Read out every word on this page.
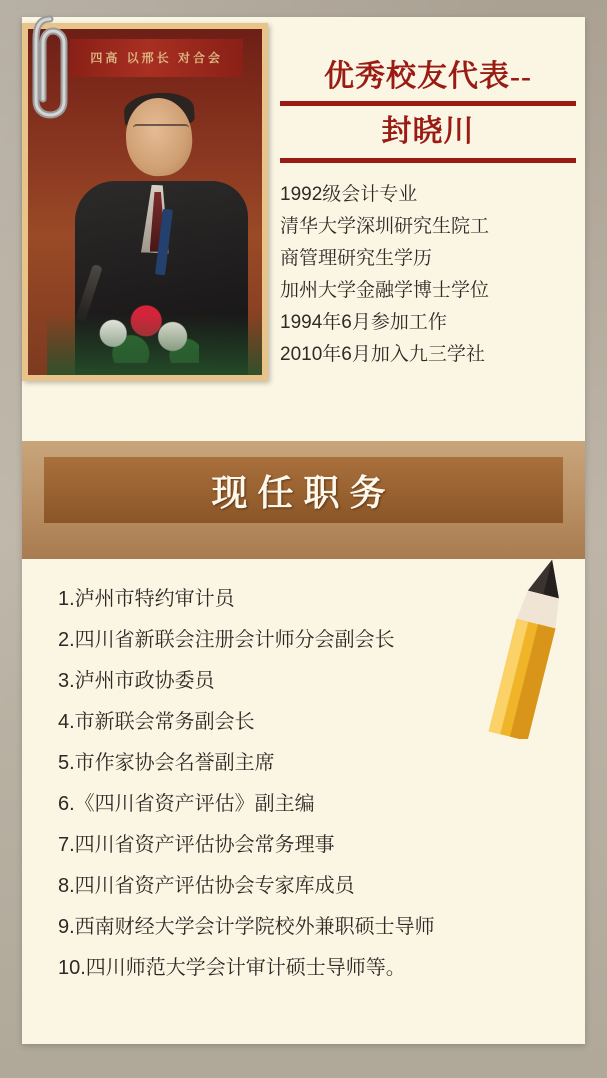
四高 以邢长 对合会
优秀校友代表--
封晓川
1992级会计专业
清华大学深圳研究生院工
商管理研究生学历
加州大学金融学博士学位
1994年6月参加工作
2010年6月加入九三学社
现任职务
1.泸州市特约审计员
2.四川省新联会注册会计师分会副会长
3.泸州市政协委员
4.市新联会常务副会长
5.市作家协会名誉副主席
6.《四川省资产评估》副主编
7.四川省资产评估协会常务理事
8.四川省资产评估协会专家库成员
9.西南财经大学会计学院校外兼职硕士导师
10.四川师范大学会计审计硕士导师等。
